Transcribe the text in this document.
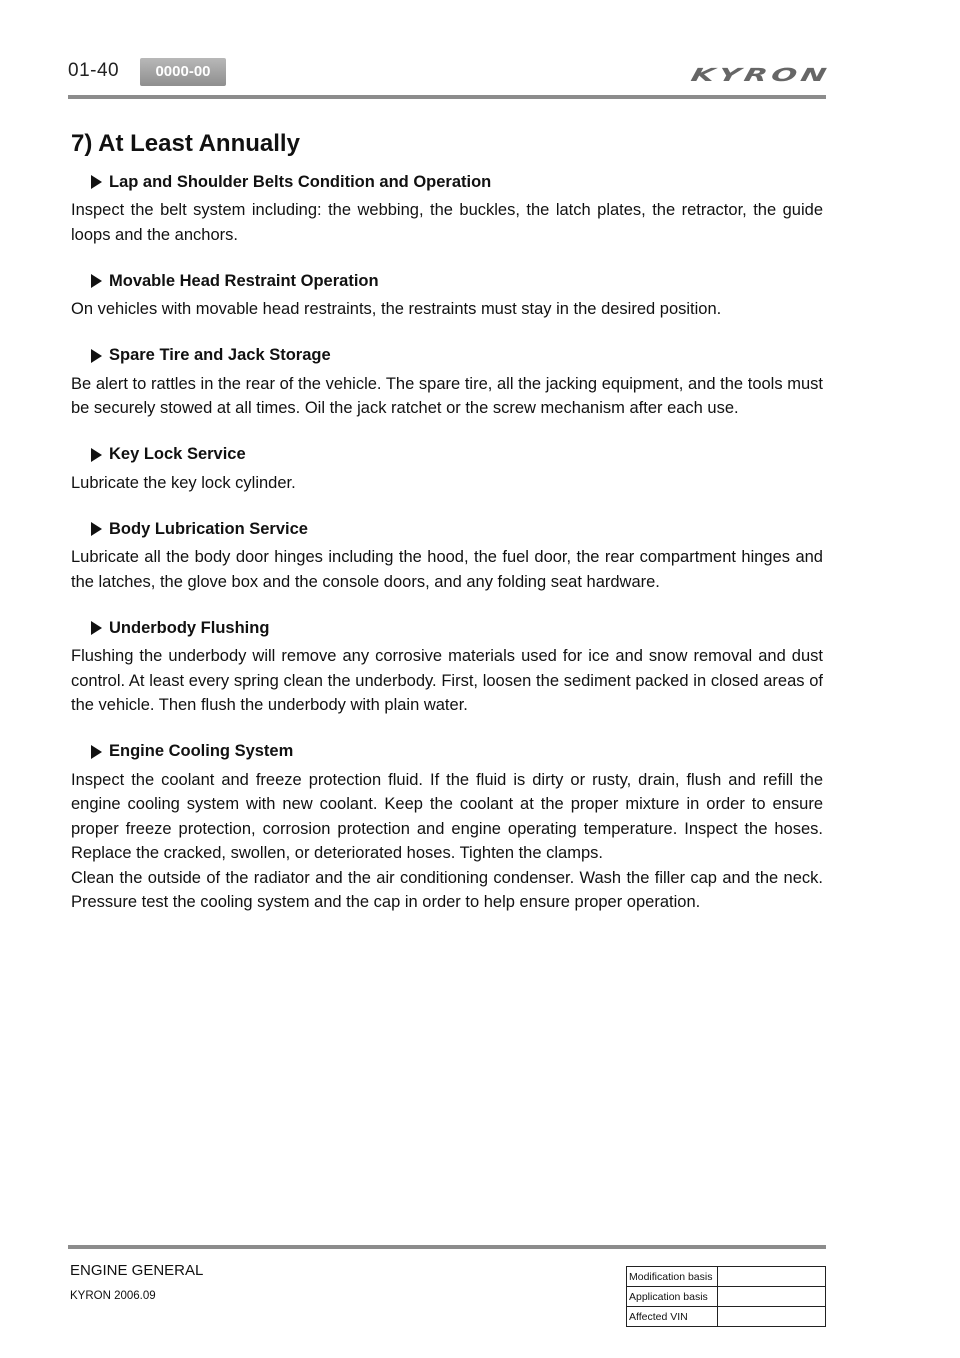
01-40	0000-00	KYRON
7) At Least Annually
Lap and Shoulder Belts Condition and Operation

Inspect the belt system including: the webbing, the buckles, the latch plates, the retractor, the guide loops and the anchors.

Movable Head Restraint Operation

On vehicles with movable head restraints, the restraints must stay in the desired position.

Spare Tire and Jack Storage

Be alert to rattles in the rear of the vehicle. The spare tire, all the jacking equipment, and the tools must be securely stowed at all times. Oil the jack ratchet or the screw mechanism after each use.

Key Lock Service

Lubricate the key lock cylinder.

Body Lubrication Service

Lubricate all the body door hinges including the hood, the fuel door, the rear compartment hinges and the latches, the glove box and the console doors, and any folding seat hardware.

Underbody Flushing

Flushing the underbody will remove any corrosive materials used for ice and snow removal and dust control. At least every spring clean the underbody. First, loosen the sediment packed in closed areas of the vehicle. Then flush the underbody with plain water.

Engine Cooling System

Inspect the coolant and freeze protection fluid. If the fluid is dirty or rusty, drain, flush and refill the engine cooling system with new coolant. Keep the coolant at the proper mixture in order to ensure proper freeze protection, corrosion protection and engine operating temperature. Inspect the hoses. Replace the cracked, swollen, or deteriorated hoses. Tighten the clamps.

Clean the outside of the radiator and the air conditioning condenser. Wash the filler cap and the neck. Pressure test the cooling system and the cap in order to help ensure proper operation.

ENGINE GENERAL
KYRON 2006.09
Modification basis	
Application basis	
Affected VIN	
